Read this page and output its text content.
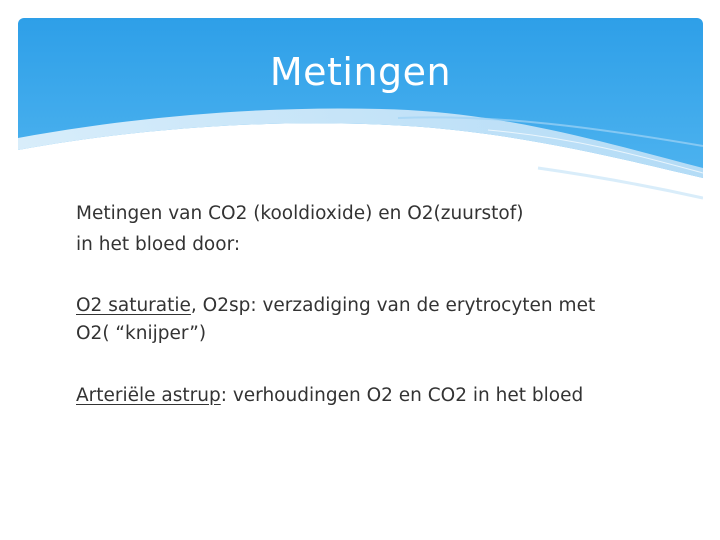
Metingen

Metingen van CO2 (kooldioxide) en O2(zuurstof)
in het bloed door:

O2 saturatie, O2sp: verzadiging van de erytrocyten met
O2( “knijper”)

Arteriële astrup: verhoudingen O2 en CO2 in het bloed
